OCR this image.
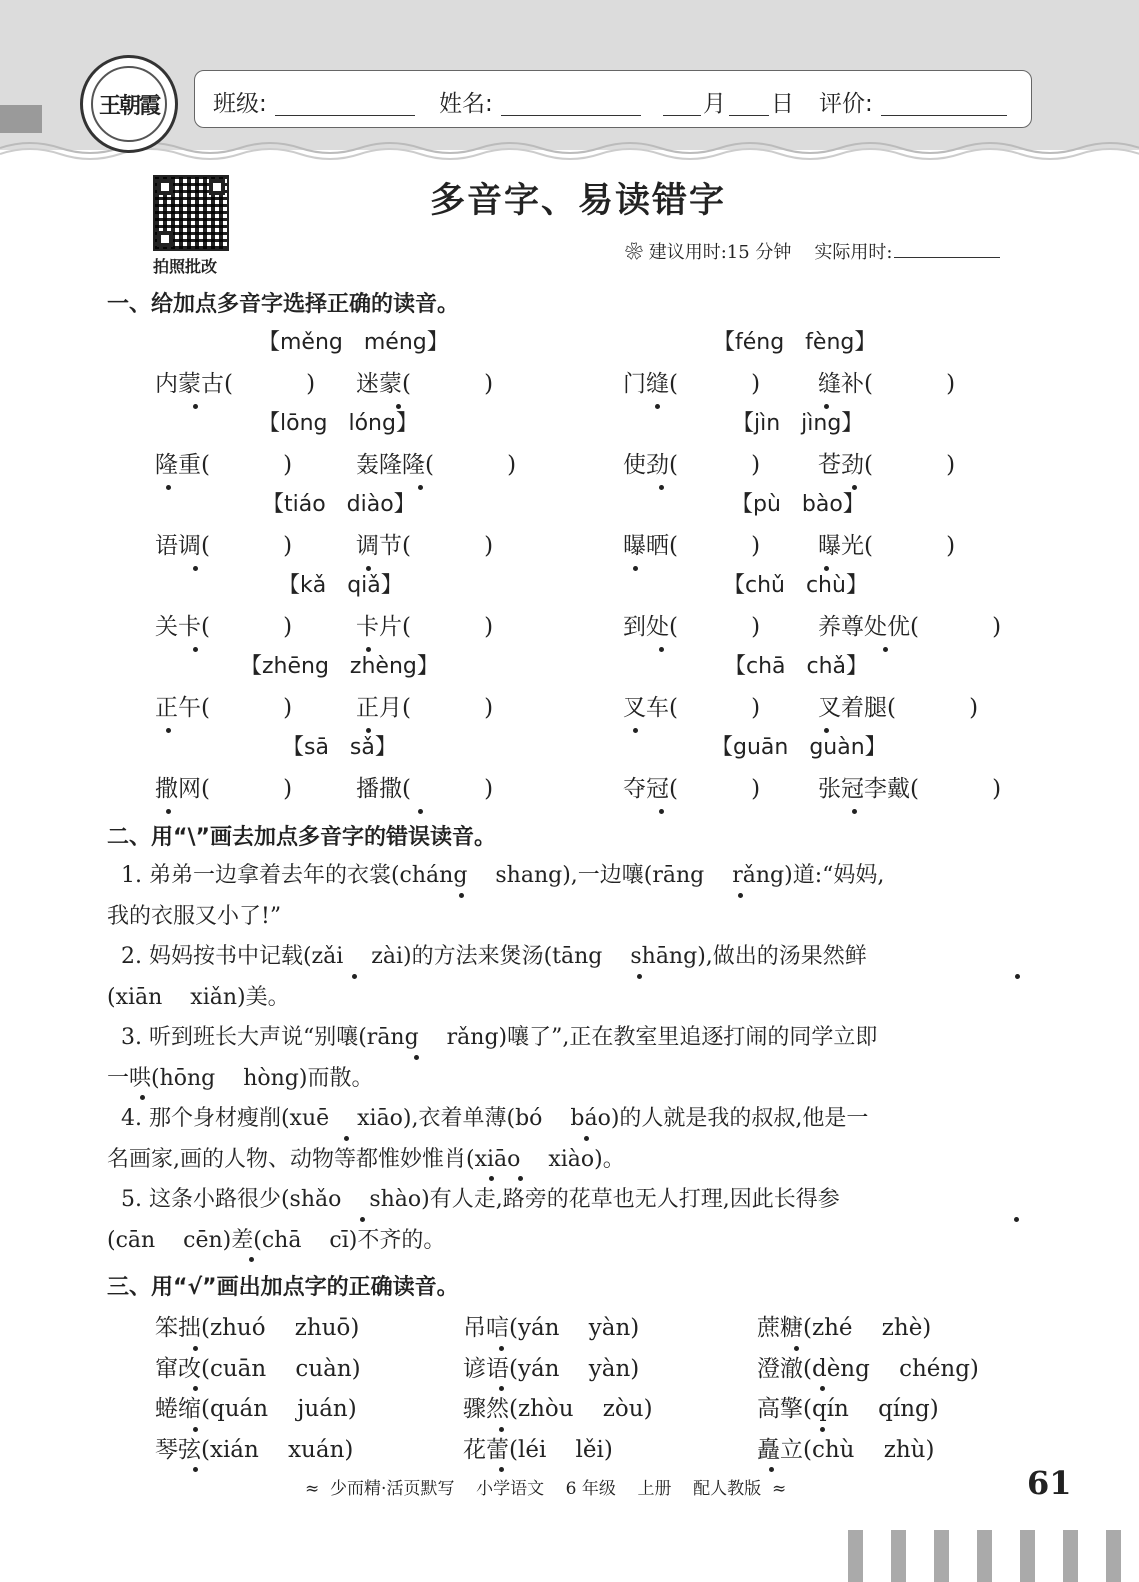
王朝霞 班级:	姓名:	月 日 评价:
拍照批改
多音字、易读错字
❀ 建议用时:15 分钟 实际用时:
一、给加点多音字选择正确的读音。
【měng   méng】	【féng   fèng】
内蒙古(          ) 迷蒙(          )	门缝(          )	缝补(          )
【lōng   lóng】	【jìn   jìng】
隆重(          )	轰隆隆(          )	使劲(          )	苍劲(          )
【tiáo   diào】	【pù   bào】
语调(          )	调节(          )	曝晒(          )	曝光(          )
【kǎ   qiǎ】	【chǔ   chù】
关卡(          )	卡片(          )	到处(          )	养尊处优(          )
【zhēng   zhèng】	【chā   chǎ】
正午(          )	正月(          )	叉车(          )	叉着腿(          )
【sā   sǎ】	【guān   guàn】
撒网(          )	播撒(          )	夺冠(          )	张冠李戴(          )
二、用“\”画去加点多音字的错误读音。
1. 弟弟一边拿着去年的衣裳(cháng    shang),一边嚷(rāng    rǎng)道:“妈妈,
我的衣服又小了!”
2. 妈妈按书中记载(zǎi    zài)的方法来煲汤(tāng    shāng),做出的汤果然鲜
(xiān    xiǎn)美。
3. 听到班长大声说“别嚷(rāng    rǎng)嚷了”,正在教室里追逐打闹的同学立即
一哄(hōng    hòng)而散。
4. 那个身材瘦削(xuē    xiāo),衣着单薄(bó    báo)的人就是我的叔叔,他是一
名画家,画的人物、动物等都惟妙惟肖(xiāo    xiào)。
5. 这条小路很少(shǎo    shào)有人走,路旁的花草也无人打理,因此长得参
(cān    cēn)差(chā    cī)不齐的。
三、用“√”画出加点字的正确读音。
笨拙(zhuó    zhuō)	吊唁(yán    yàn)	蔗糖(zhé    zhè)
窜改(cuān    cuàn)	谚语(yán    yàn)	澄澈(dèng    chéng)
蜷缩(quán    juán)	骤然(zhòu    zòu)	高擎(qín    qíng)
琴弦(xián    xuán)	花蕾(léi    lěi)	矗立(chù    zhù)
≈  少而精·活页默写    小学语文    6 年级    上册    配人教版  ≈	61
